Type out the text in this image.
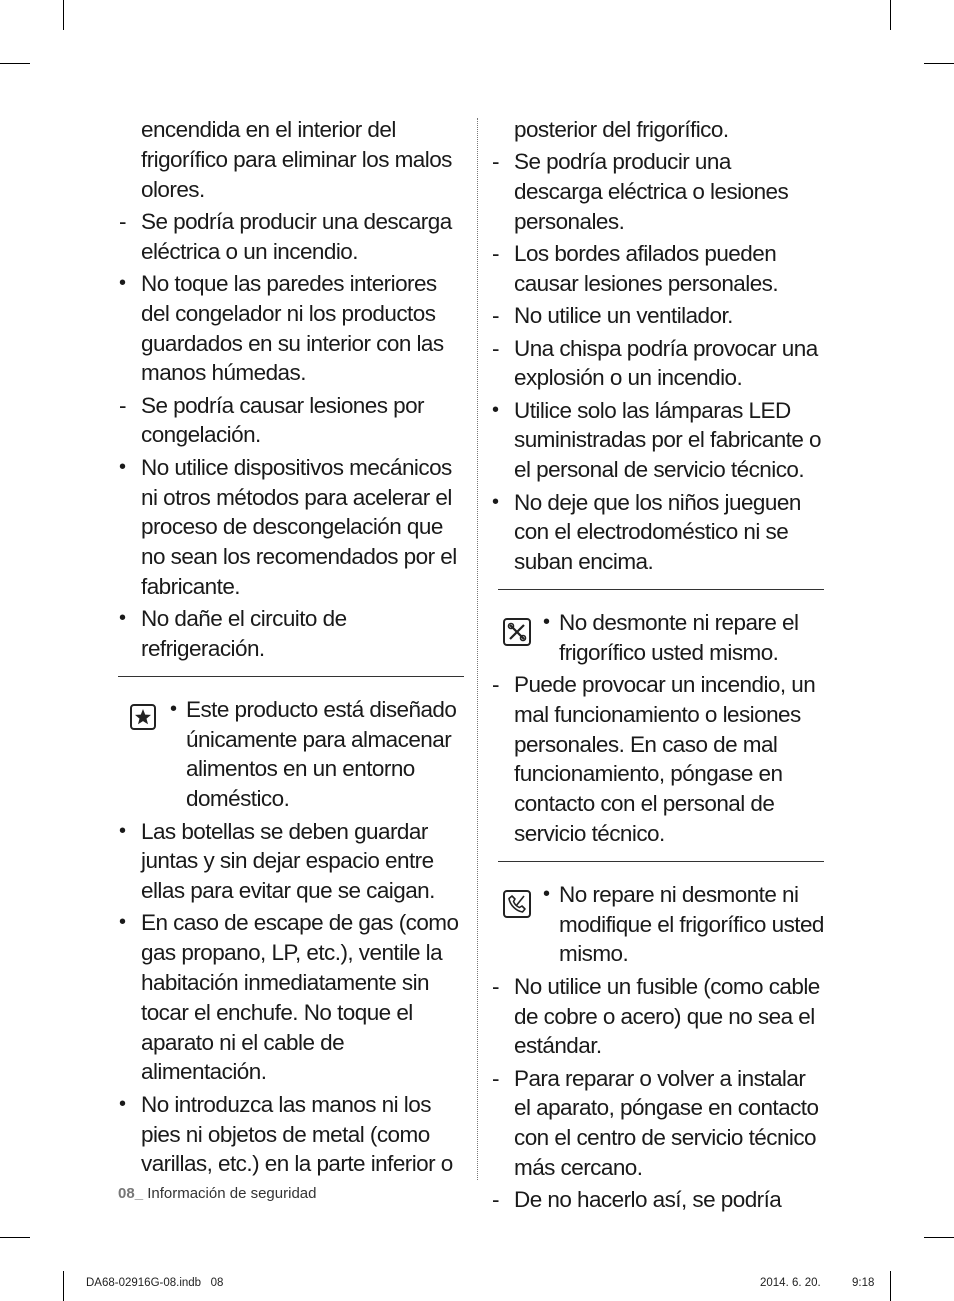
encendida en el interior del frigorífico para eliminar los malos olores.
- Se podría producir una descarga eléctrica o un incendio.
• No toque las paredes interiores del congelador ni los productos guardados en su interior con las manos húmedas.
- Se podría causar lesiones por congelación.
• No utilice dispositivos mecánicos ni otros métodos para acelerar el proceso de descongelación que no sean los recomendados por el fabricante.
• No dañe el circuito de refrigeración.
• Este producto está diseñado únicamente para almacenar alimentos en un entorno doméstico.
• Las botellas se deben guardar juntas y sin dejar espacio entre ellas para evitar que se caigan.
• En caso de escape de gas (como gas propano, LP, etc.), ventile la habitación inmediatamente sin tocar el enchufe. No toque el aparato ni el cable de alimentación.
• No introduzca las manos ni los pies ni objetos de metal (como varillas, etc.) en la parte inferior o
posterior del frigorífico.
- Se podría producir una descarga eléctrica o lesiones personales.
- Los bordes afilados pueden causar lesiones personales.
- No utilice un ventilador.
- Una chispa podría provocar una explosión o un incendio.
• Utilice solo las lámparas LED suministradas por el fabricante o el personal de servicio técnico.
• No deje que los niños jueguen con el electrodoméstico ni se suban encima.
• No desmonte ni repare el frigorífico usted mismo.
- Puede provocar un incendio, un mal funcionamiento o lesiones personales. En caso de mal funcionamiento, póngase en contacto con el personal de servicio técnico.
• No repare ni desmonte ni modifique el frigorífico usted mismo.
- No utilice un fusible (como cable de cobre o acero) que no sea el estándar.
- Para reparar o volver a instalar el aparato, póngase en contacto con el centro de servicio técnico más cercano.
- De no hacerlo así, se podría
08_ Información de seguridad
DA68-02916G-08.indb   08	2014. 6. 20.	9:18
